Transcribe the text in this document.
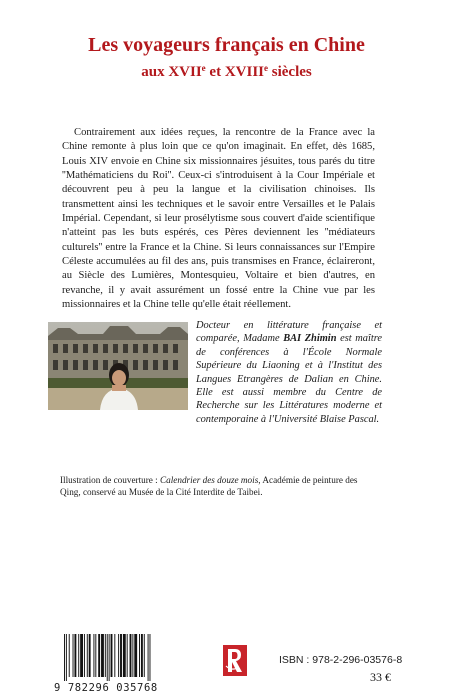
Les voyageurs français en Chine
aux XVIIe et XVIIIe siècles

Contrairement aux idées reçues, la rencontre de la France avec la Chine remonte à plus loin que ce qu'on imaginait. En effet, dès 1685, Louis XIV envoie en Chine six missionnaires jésuites, tous parés du titre ''Mathématiciens du Roi''. Ceux-ci s'introduisent à la Cour Impériale et découvrent peu à peu la langue et la civilisation chinoises. Ils transmettent ainsi les techniques et le savoir entre Versailles et le Palais Impérial. Cependant, si leur prosélytisme sous couvert d'aide scientifique n'atteint pas les buts espérés, ces Pères deviennent les ''médiateurs culturels'' entre la France et la Chine. Si leurs connaissances sur l'Empire Céleste accumulées au fil des ans, puis transmises en France, éclaireront, au Siècle des Lumières, Montesquieu, Voltaire et bien d'autres, en revanche, il y avait assurément un fossé entre la Chine vue par les missionnaires et la Chine telle qu'elle était réellement.

Docteur en littérature française et comparée, Madame BAI Zhimin est maître de conférences à l'École Normale Supérieure du Liaoning et à l'Institut des Langues Etrangères de Dalian en Chine. Elle est aussi membre du Centre de Recherche sur les Littératures moderne et contemporaine à l'Université Blaise Pascal.

Illustration de couverture : Calendrier des douze mois, Académie de peinture des Qing, conservé au Musée de la Cité Interdite de Taibei.

9 782296 035768
ISBN : 978-2-296-03576-8
33 €
